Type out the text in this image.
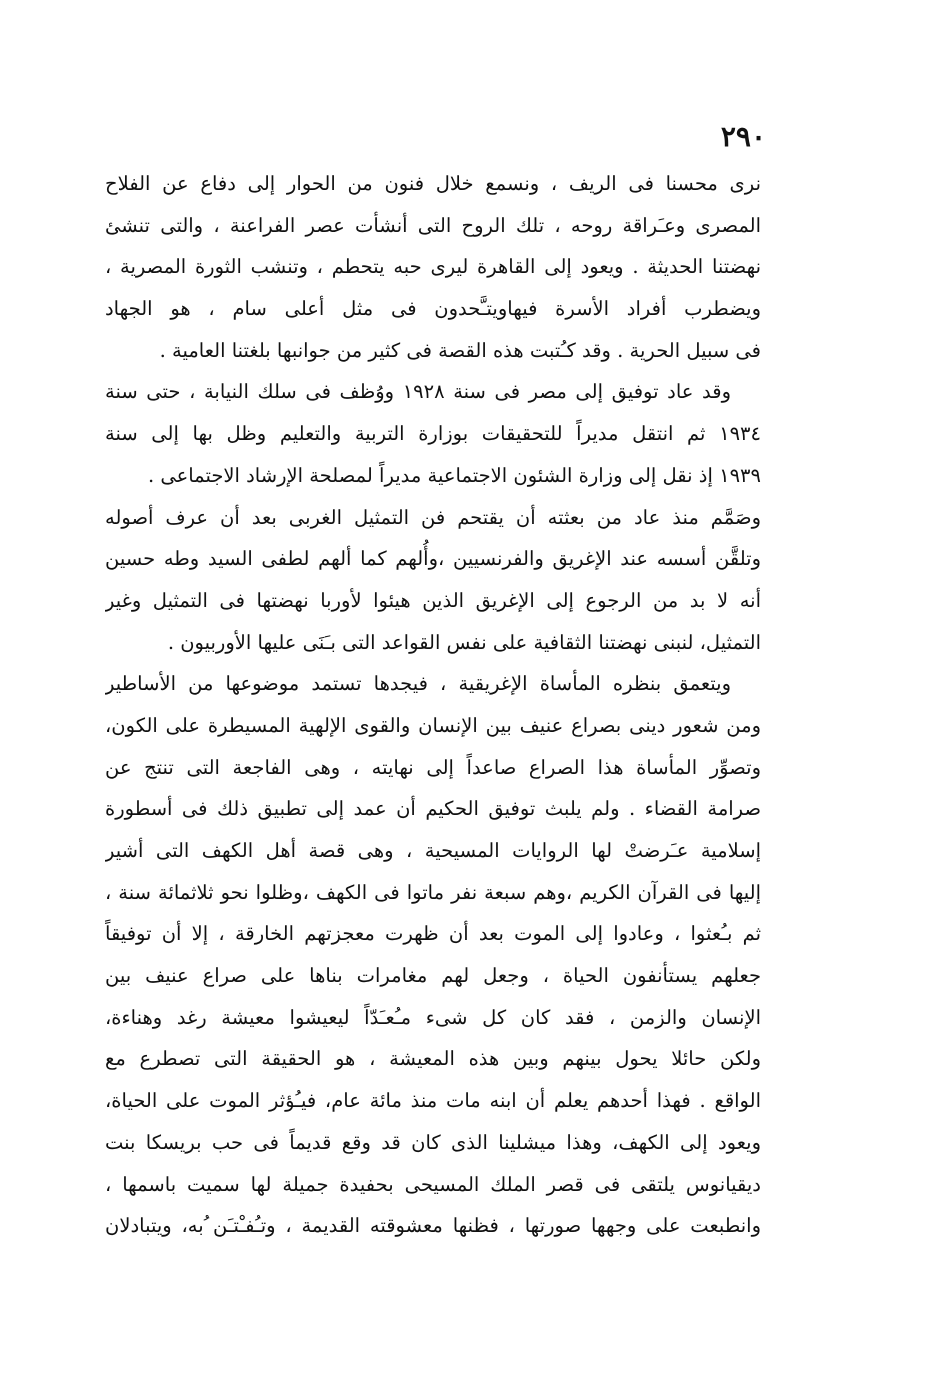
٢٩٠
نرى محسنا فى الريف ، ونسمع خلال فنون من الحوار إلى دفاع عن الفلاح
المصرى وعـَراقة روحه ، تلك الروح التى أنشأت عصر الفراعنة ، والتى تنشئ
نهضتنا الحديثة . ويعود إلى القاهرة ليرى حبه يتحطم ، وتنشب الثورة المصرية ،
ويضطرب أفراد الأسرة فيهاويتـَّحدون فى مثل أعلى سام ، هو الجهاد
فى سبيل الحرية . وقد كـُتبت هذه القصة فى كثير من جوانبها بلغتنا العامية .
وقد عاد توفيق إلى مصر فى سنة ١٩٢٨ ووُظف فى سلك النيابة ، حتى سنة
١٩٣٤ ثم انتقل مديراً للتحقيقات بوزارة التربية والتعليم وظل بها إلى سنة
١٩٣٩ إذ نقل إلى وزارة الشئون الاجتماعية مديراً لمصلحة الإرشاد الاجتماعى .
وصَمَّم منذ عاد من بعثته أن يقتحم فن التمثيل الغربى بعد أن عرف أصوله
وتلقَّن أسسه عند الإغريق والفرنسيين ،وأُلهم كما ألهم لطفى السيد وطه حسين
أنه لا بد من الرجوع إلى الإغريق الذين هيئوا لأوربا نهضتها فى التمثيل وغير
التمثيل، لنبنى نهضتنا الثقافية على نفس القواعد التى بـَنَى عليها الأوربيون .
ويتعمق بنظره المأساة الإغريقية ، فيجدها تستمد موضوعها من الأساطير
ومن شعور دينى بصراع عنيف بين الإنسان والقوى الإلهية المسيطرة على الكون،
وتصوِّر المأساة هذا الصراع صاعداً إلى نهايته ، وهى الفاجعة التى تنتج عن
صرامة القضاء . ولم يلبث توفيق الحكيم أن عمد إلى تطبيق ذلك فى أسطورة
إسلامية عـَرضتْ لها الروايات المسيحية ، وهى قصة أهل الكهف التى أشير
إليها فى القرآن الكريم ،وهم سبعة نفر ماتوا فى الكهف ،وظلوا نحو ثلاثمائة سنة ،
ثم بـُعثوا ، وعادوا إلى الموت بعد أن ظهرت معجزتهم الخارقة ، إلا أن توفيقاً
جعلهم يستأنفون الحياة ، وجعل لهم مغامرات بناها على صراع عنيف بين
الإنسان والزمن ، فقد كان كل شىء مـُعـَدّاً ليعيشوا معيشة رغد وهناءة،
ولكن حائلا يحول بينهم وبين هذه المعيشة ، هو الحقيقة التى تصطرع مع
الواقع . فهذا أحدهم يعلم أن ابنه مات منذ مائة عام، فيـُؤثر الموت على الحياة،
ويعود إلى الكهف، وهذا ميشلينا الذى كان قد وقع قديماً فى حب بريسكا بنت
ديقيانوس يلتقى فى قصر الملك المسيحى بحفيدة جميلة لها سميت باسمها ،
وانطبعت على وجهها صورتها ، فظنها معشوقته القديمة ، وتـُفـْتـَن ُبه، ويتبادلان
